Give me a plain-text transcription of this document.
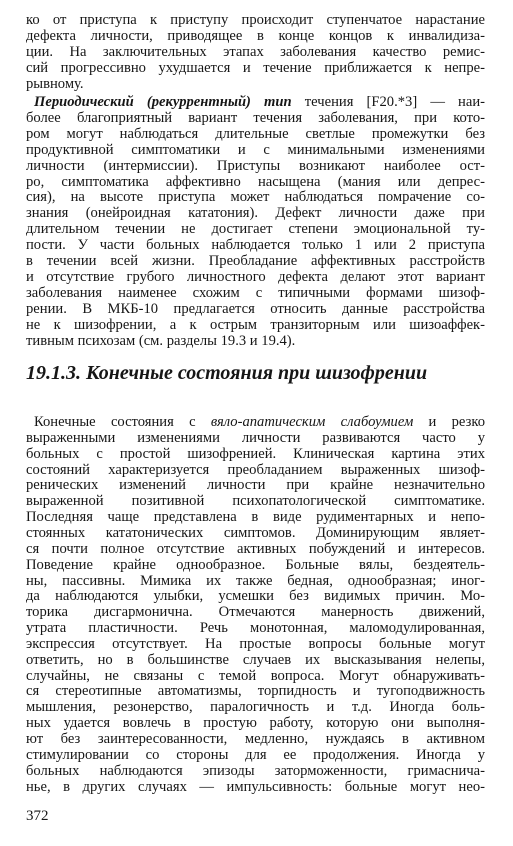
ко от приступа к приступу происходит ступенчатое нарастание
дефекта личности, приводящее в конце концов к инвалидиза-
ции. На заключительных этапах заболевания качество ремис-
сий прогрессивно ухудшается и течение приближается к непре-
рывному.
Периодический (рекуррентный) тип течения [F20.*3] — наи-
19.1.3. Конечные состояния при шизофрении
Конечные состояния с вяло-апатическим слабоумием и резко
372
более благоприятный вариант течения заболевания, при кото-
ром могут наблюдаться длительные светлые промежутки без
продуктивной симптоматики и с минимальными изменениями
личности (интермиссии). Приступы возникают наиболее ост-
ро, симптоматика аффективно насыщена (мания или депрес-
сия), на высоте приступа может наблюдаться помрачение со-
знания (онейроидная кататония). Дефект личности даже при
длительном течении не достигает степени эмоциональной ту-
пости. У части больных наблюдается только 1 или 2 приступа
в течении всей жизни. Преобладание аффективных расстройств
и отсутствие грубого личностного дефекта делают этот вариант
заболевания наименее схожим с типичными формами шизоф-
рении. В МКБ-10 предлагается относить данные расстройства
не к шизофрении, а к острым транзиторным или шизоаффек-
тивным психозам (см. разделы 19.3 и 19.4).
выраженными изменениями личности развиваются часто у
больных с простой шизофренией. Клиническая картина этих
состояний характеризуется преобладанием выраженных шизоф-
ренических изменений личности при крайне незначительно
выраженной позитивной психопатологической симптоматике.
Последняя чаще представлена в виде рудиментарных и непо-
стоянных кататонических симптомов. Доминирующим являет-
ся почти полное отсутствие активных побуждений и интересов.
Поведение крайне однообразное. Больные вялы, бездеятель-
ны, пассивны. Мимика их также бедная, однообразная; иног-
да наблюдаются улыбки, усмешки без видимых причин. Мо-
торика дисгармонична. Отмечаются манерность движений,
утрата пластичности. Речь монотонная, маломодулированная,
экспрессия отсутствует. На простые вопросы больные могут
ответить, но в большинстве случаев их высказывания нелепы,
случайны, не связаны с темой вопроса. Могут обнаруживать-
ся стереотипные автоматизмы, торпидность и тугоподвижность
мышления, резонерство, паралогичность и т.д. Иногда боль-
ных удается вовлечь в простую работу, которую они выполня-
ют без заинтересованности, медленно, нуждаясь в активном
стимулировании со стороны для ее продолжения. Иногда у
больных наблюдаются эпизоды заторможенности, гримасничa-
нье, в других случаях — импульсивность: больные могут нео-
